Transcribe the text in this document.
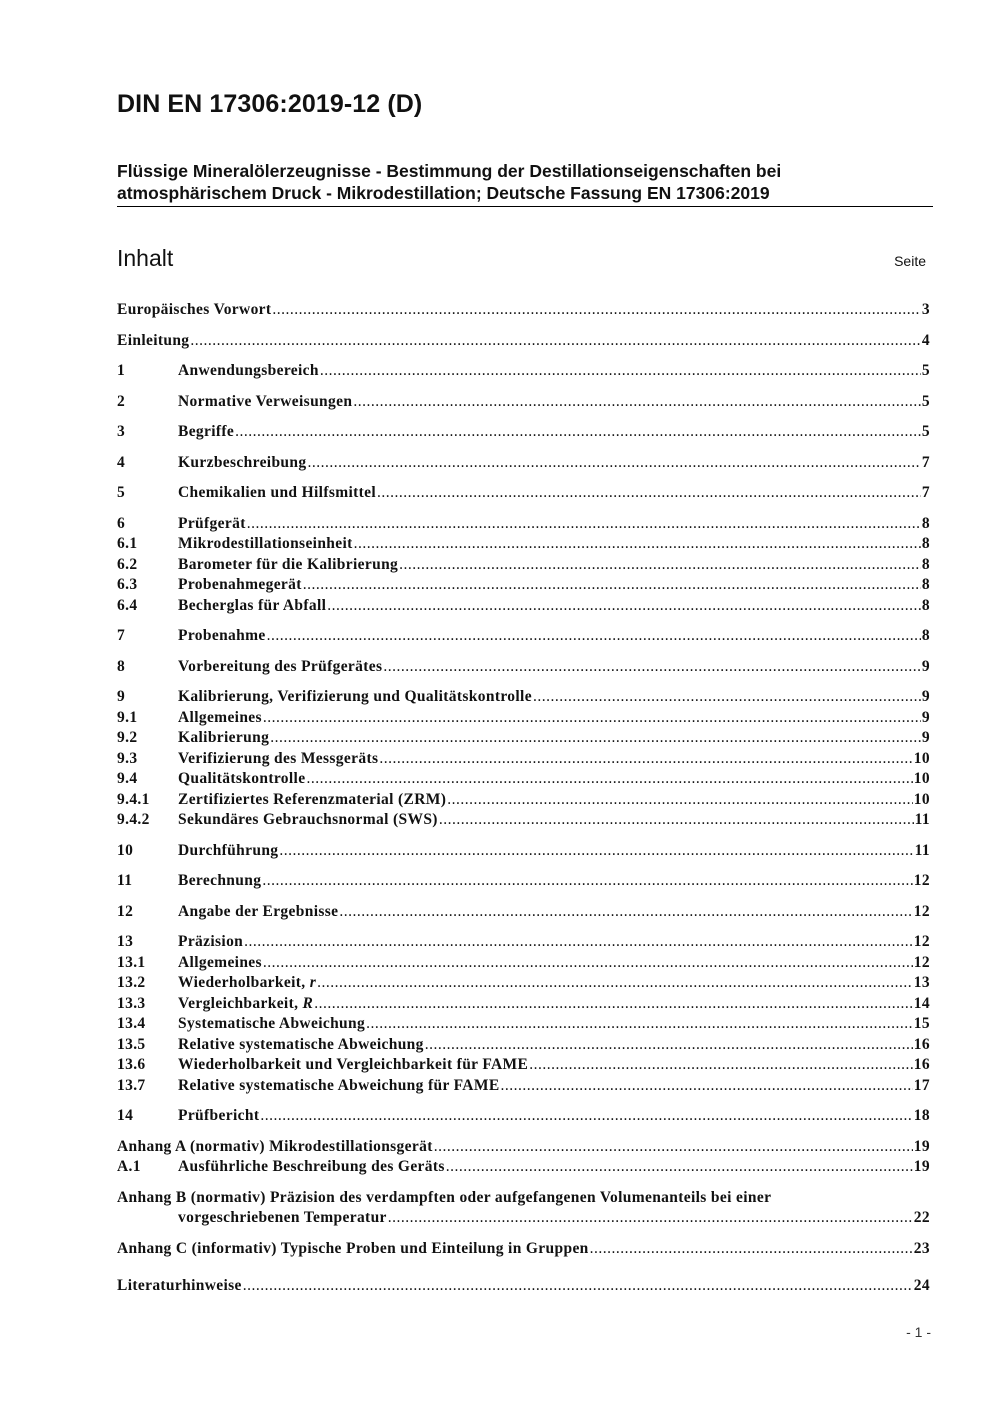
DIN EN 17306:2019-12 (D)
Flüssige Mineralölerzeugnisse - Bestimmung der Destillationseigenschaften bei atmosphärischem Druck - Mikrodestillation; Deutsche Fassung EN 17306:2019
Inhalt	Seite
Europäisches Vorwort .....	3
Einleitung .....	4
1	Anwendungsbereich .....	5
2	Normative Verweisungen .....	5
3	Begriffe .....	5
4	Kurzbeschreibung .....	7
5	Chemikalien und Hilfsmittel .....	7
6	Prüfgerät .....	8
6.1	Mikrodestillationseinheit .....	8
6.2	Barometer für die Kalibrierung .....	8
6.3	Probenahmegerät .....	8
6.4	Becherglas für Abfall .....	8
7	Probenahme .....	8
8	Vorbereitung des Prüfgerätes .....	9
9	Kalibrierung, Verifizierung und Qualitätskontrolle .....	9
9.1	Allgemeines .....	9
9.2	Kalibrierung .....	9
9.3	Verifizierung des Messgeräts .....	10
9.4	Qualitätskontrolle .....	10
9.4.1	Zertifiziertes Referenzmaterial (ZRM) .....	10
9.4.2	Sekundäres Gebrauchsnormal (SWS) .....	11
10	Durchführung .....	11
11	Berechnung .....	12
12	Angabe der Ergebnisse .....	12
13	Präzision .....	12
13.1	Allgemeines .....	12
13.2	Wiederholbarkeit, r .....	13
13.3	Vergleichbarkeit, R .....	14
13.4	Systematische Abweichung .....	15
13.5	Relative systematische Abweichung .....	16
13.6	Wiederholbarkeit und Vergleichbarkeit für FAME .....	16
13.7	Relative systematische Abweichung für FAME .....	17
14	Prüfbericht .....	18
Anhang A (normativ) Mikrodestillationsgerät .....	19
A.1	Ausführliche Beschreibung des Geräts .....	19
Anhang B (normativ) Präzision des verdampften oder aufgefangenen Volumenanteils bei einer
vorgeschriebenen Temperatur .....	22
Anhang C (informativ) Typische Proben und Einteilung in Gruppen .....	23
Literaturhinweise .....	24
- 1 -
